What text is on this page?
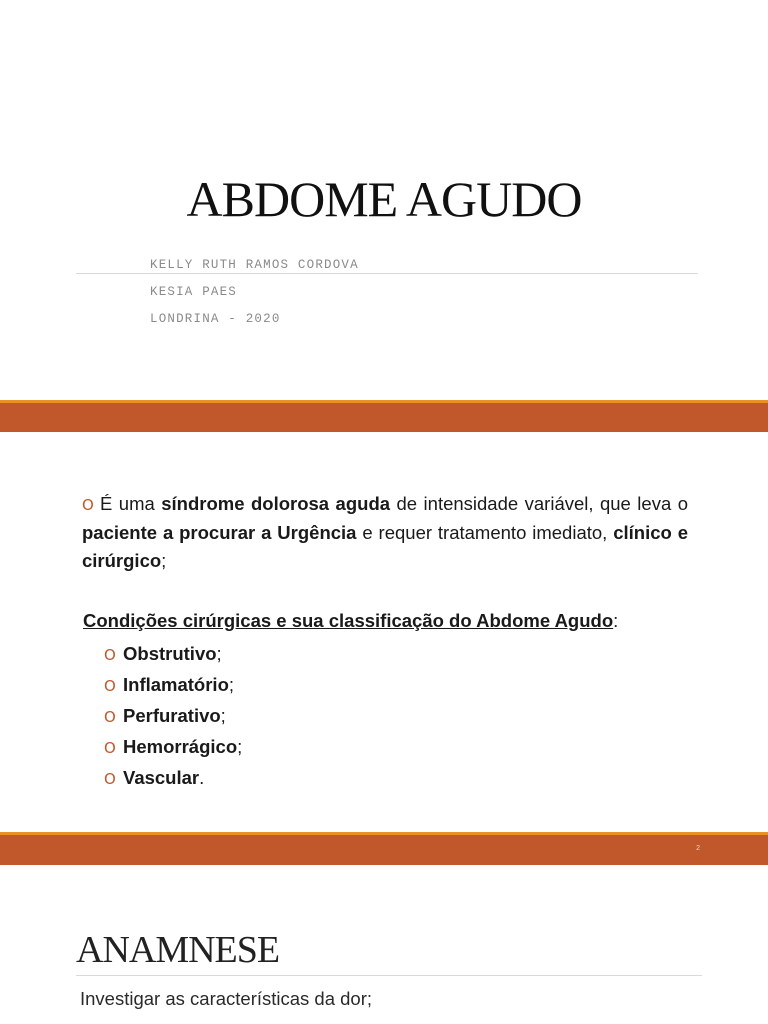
ABDOME AGUDO
KELLY RUTH RAMOS CORDOVA
KESIA PAES
LONDRINA - 2020
O É uma síndrome dolorosa aguda de intensidade variável, que leva o paciente a procurar a Urgência e requer tratamento imediato, clínico e cirúrgico;
Condições cirúrgicas e sua classificação do Abdome Agudo:
O Obstrutivo;
O Inflamatório;
O Perfurativo;
O Hemorrágico;
O Vascular.
2
ANAMNESE
Investigar as características da dor;
